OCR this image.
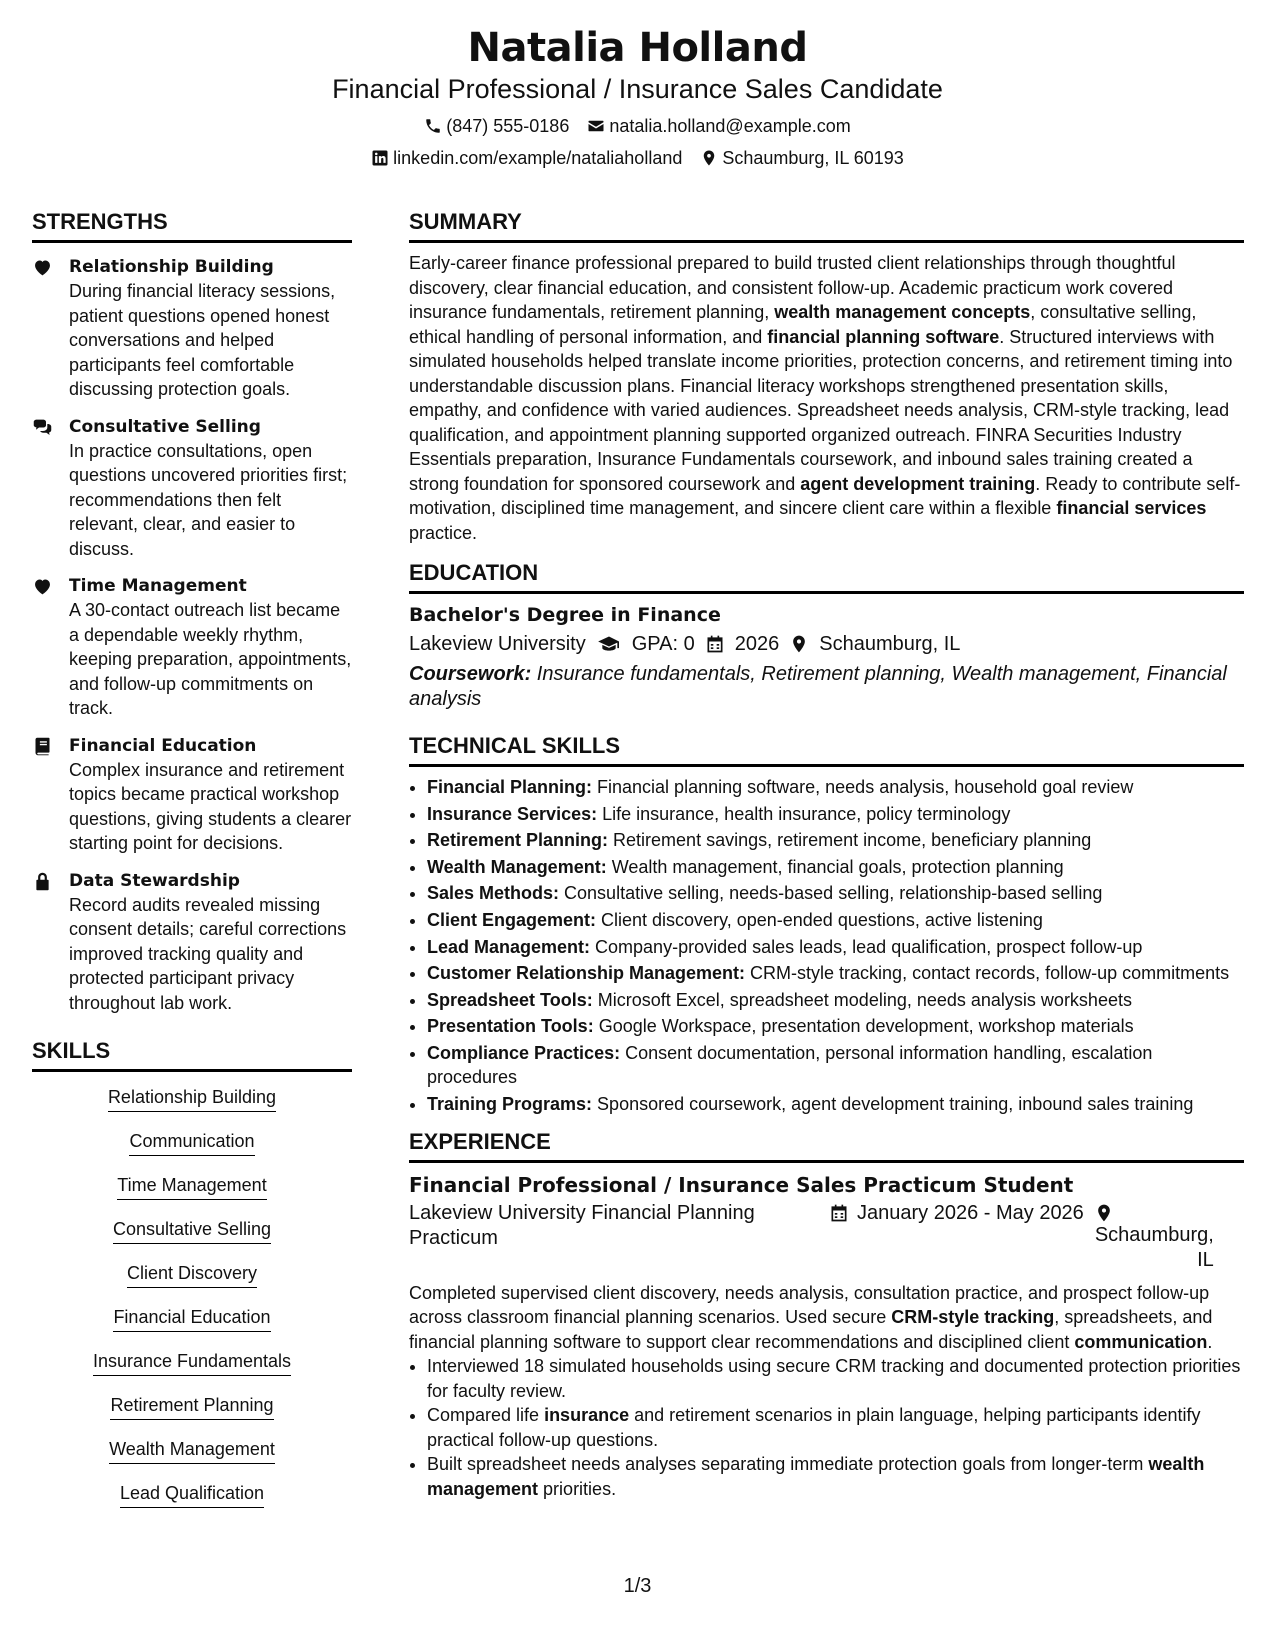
Natalia Holland
Financial Professional / Insurance Sales Candidate
(847) 555-0186 natalia.holland@example.com
linkedin.com/example/nataliaholland Schaumburg, IL 60193
STRENGTHS
Relationship Building
During financial literacy sessions, patient questions opened honest conversations and helped participants feel comfortable discussing protection goals.
Consultative Selling
In practice consultations, open questions uncovered priorities first; recommendations then felt relevant, clear, and easier to discuss.
Time Management
A 30-contact outreach list became a dependable weekly rhythm, keeping preparation, appointments, and follow-up commitments on track.
Financial Education
Complex insurance and retirement topics became practical workshop questions, giving students a clearer starting point for decisions.
Data Stewardship
Record audits revealed missing consent details; careful corrections improved tracking quality and protected participant privacy throughout lab work.
SKILLS
Relationship Building
Communication
Time Management
Consultative Selling
Client Discovery
Financial Education
Insurance Fundamentals
Retirement Planning
Wealth Management
Lead Qualification
SUMMARY
Early-career finance professional prepared to build trusted client relationships through thoughtful discovery, clear financial education, and consistent follow-up. Academic practicum work covered insurance fundamentals, retirement planning, wealth management concepts, consultative selling, ethical handling of personal information, and financial planning software. Structured interviews with simulated households helped translate income priorities, protection concerns, and retirement timing into understandable discussion plans. Financial literacy workshops strengthened presentation skills, empathy, and confidence with varied audiences. Spreadsheet needs analysis, CRM-style tracking, lead qualification, and appointment planning supported organized outreach. FINRA Securities Industry Essentials preparation, Insurance Fundamentals coursework, and inbound sales training created a strong foundation for sponsored coursework and agent development training. Ready to contribute self-motivation, disciplined time management, and sincere client care within a flexible financial services practice.
EDUCATION
Bachelor's Degree in Finance
Lakeview University GPA: 0 2026 Schaumburg, IL
Coursework: Insurance fundamentals, Retirement planning, Wealth management, Financial analysis
TECHNICAL SKILLS
• Financial Planning: Financial planning software, needs analysis, household goal review
• Insurance Services: Life insurance, health insurance, policy terminology
• Retirement Planning: Retirement savings, retirement income, beneficiary planning
• Wealth Management: Wealth management, financial goals, protection planning
• Sales Methods: Consultative selling, needs-based selling, relationship-based selling
• Client Engagement: Client discovery, open-ended questions, active listening
• Lead Management: Company-provided sales leads, lead qualification, prospect follow-up
• Customer Relationship Management: CRM-style tracking, contact records, follow-up commitments
• Spreadsheet Tools: Microsoft Excel, spreadsheet modeling, needs analysis worksheets
• Presentation Tools: Google Workspace, presentation development, workshop materials
• Compliance Practices: Consent documentation, personal information handling, escalation procedures
• Training Programs: Sponsored coursework, agent development training, inbound sales training
EXPERIENCE
Financial Professional / Insurance Sales Practicum Student
Lakeview University Financial Planning Practicum
January 2026 - May 2026
Schaumburg, IL
Completed supervised client discovery, needs analysis, consultation practice, and prospect follow-up across classroom financial planning scenarios. Used secure CRM-style tracking, spreadsheets, and financial planning software to support clear recommendations and disciplined client communication.
• Interviewed 18 simulated households using secure CRM tracking and documented protection priorities for faculty review.
• Compared life insurance and retirement scenarios in plain language, helping participants identify practical follow-up questions.
• Built spreadsheet needs analyses separating immediate protection goals from longer-term wealth management priorities.
1/3
